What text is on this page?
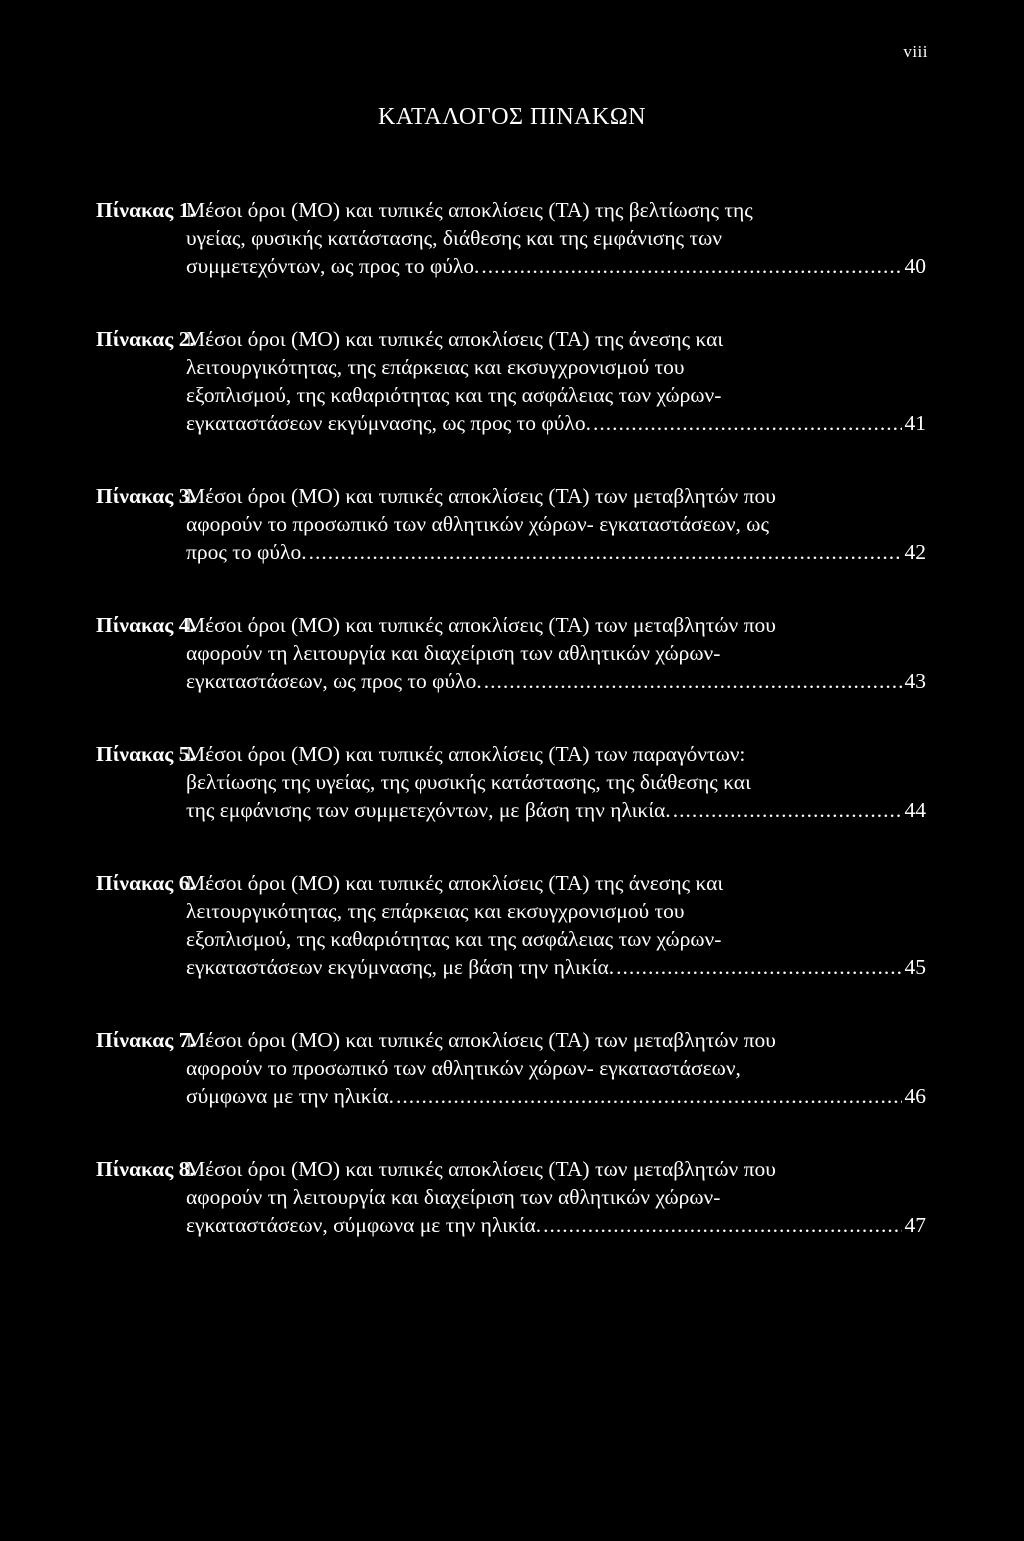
viii
ΚΑΤΑΛΟΓΟΣ ΠΙΝΑΚΩΝ
Πίνακας 1.
Μέσοι όροι (ΜΟ) και τυπικές αποκλίσεις (ΤΑ) της βελτίωσης της
υγείας, φυσικής κατάστασης, διάθεσης και της εμφάνισης των
συμμετεχόντων, ως προς το φύλο. .....	40
Πίνακας 2.
Μέσοι όροι (ΜΟ) και τυπικές αποκλίσεις (ΤΑ) της άνεσης και
λειτουργικότητας, της επάρκειας και εκσυγχρονισμού του
εξοπλισμού, της καθαριότητας και της ασφάλειας των χώρων-
εγκαταστάσεων εκγύμνασης, ως προς το φύλο. .....	41
Πίνακας 3.
Μέσοι όροι (ΜΟ) και τυπικές αποκλίσεις (ΤΑ) των μεταβλητών που
αφορούν το προσωπικό των αθλητικών χώρων- εγκαταστάσεων, ως
προς το φύλο. .....	42
Πίνακας 4.
Μέσοι όροι (ΜΟ) και τυπικές αποκλίσεις (ΤΑ) των μεταβλητών που
αφορούν τη λειτουργία και διαχείριση των αθλητικών χώρων-
εγκαταστάσεων, ως προς το φύλο. .....	43
Πίνακας 5.
Μέσοι όροι (ΜΟ) και τυπικές αποκλίσεις (ΤΑ) των παραγόντων:
βελτίωσης της υγείας, της φυσικής κατάστασης, της διάθεσης και
της εμφάνισης των συμμετεχόντων, με βάση την ηλικία. .....	44
Πίνακας 6.
Μέσοι όροι (ΜΟ) και τυπικές αποκλίσεις (ΤΑ) της άνεσης και
λειτουργικότητας, της επάρκειας και εκσυγχρονισμού του
εξοπλισμού, της καθαριότητας και της ασφάλειας των χώρων-
εγκαταστάσεων εκγύμνασης, με βάση την ηλικία. .....	45
Πίνακας 7.
Μέσοι όροι (ΜΟ) και τυπικές αποκλίσεις (ΤΑ) των μεταβλητών που
αφορούν το προσωπικό των αθλητικών χώρων- εγκαταστάσεων,
σύμφωνα με την ηλικία. .....	46
Πίνακας 8.
Μέσοι όροι (ΜΟ) και τυπικές αποκλίσεις (ΤΑ) των μεταβλητών που
αφορούν τη λειτουργία και διαχείριση των αθλητικών χώρων-
εγκαταστάσεων, σύμφωνα με την ηλικία. .....	47
